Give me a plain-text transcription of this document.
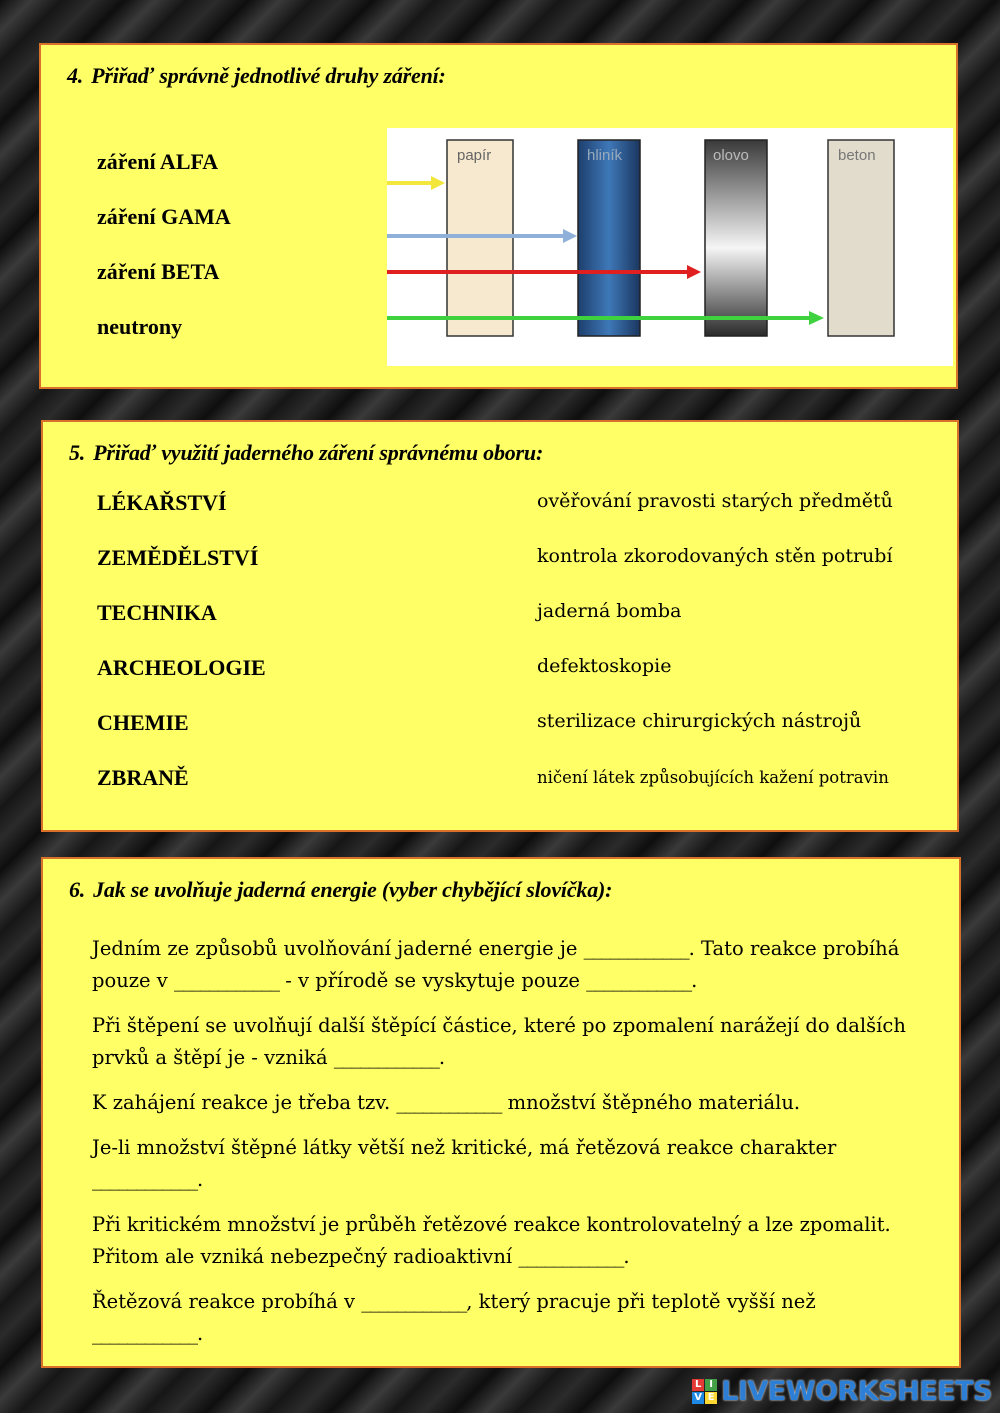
4. Přiřaď správně jednotlivé druhy záření:
záření ALFA
záření GAMA
záření BETA
neutrony
papír	hliník	olovo	beton
5. Přiřaď využití jaderného záření správnému oboru:
LÉKAŘSTVÍ	ověřování pravosti starých předmětů
ZEMĚDĚLSTVÍ	kontrola zkorodovaných stěn potrubí
TECHNIKA	jaderná bomba
ARCHEOLOGIE	defektoskopie
CHEMIE	sterilizace chirurgických nástrojů
ZBRANĚ	ničení látek způsobujících kažení potravin
6. Jak se uvolňuje jaderná energie (vyber chybějící slovíčka):
Jedním ze způsobů uvolňování jaderné energie je ____________. Tato reakce probíhá pouze v ____________ - v přírodě se vyskytuje pouze ____________.
Při štěpení se uvolňují další štěpící částice, které po zpomalení narážejí do dalších prvků a štěpí je - vzniká ____________.
K zahájení reakce je třeba tzv. ____________ množství štěpného materiálu.
Je-li množství štěpné látky větší než kritické, má řetězová reakce charakter ____________.
Při kritickém množství je průběh řetězové reakce kontrolovatelný a lze zpomalit. Přitom ale vzniká nebezpečný radioaktivní ____________.
Řetězová reakce probíhá v ____________, který pracuje při teplotě vyšší než ____________.
L I
V E LIVEWORKSHEETS
